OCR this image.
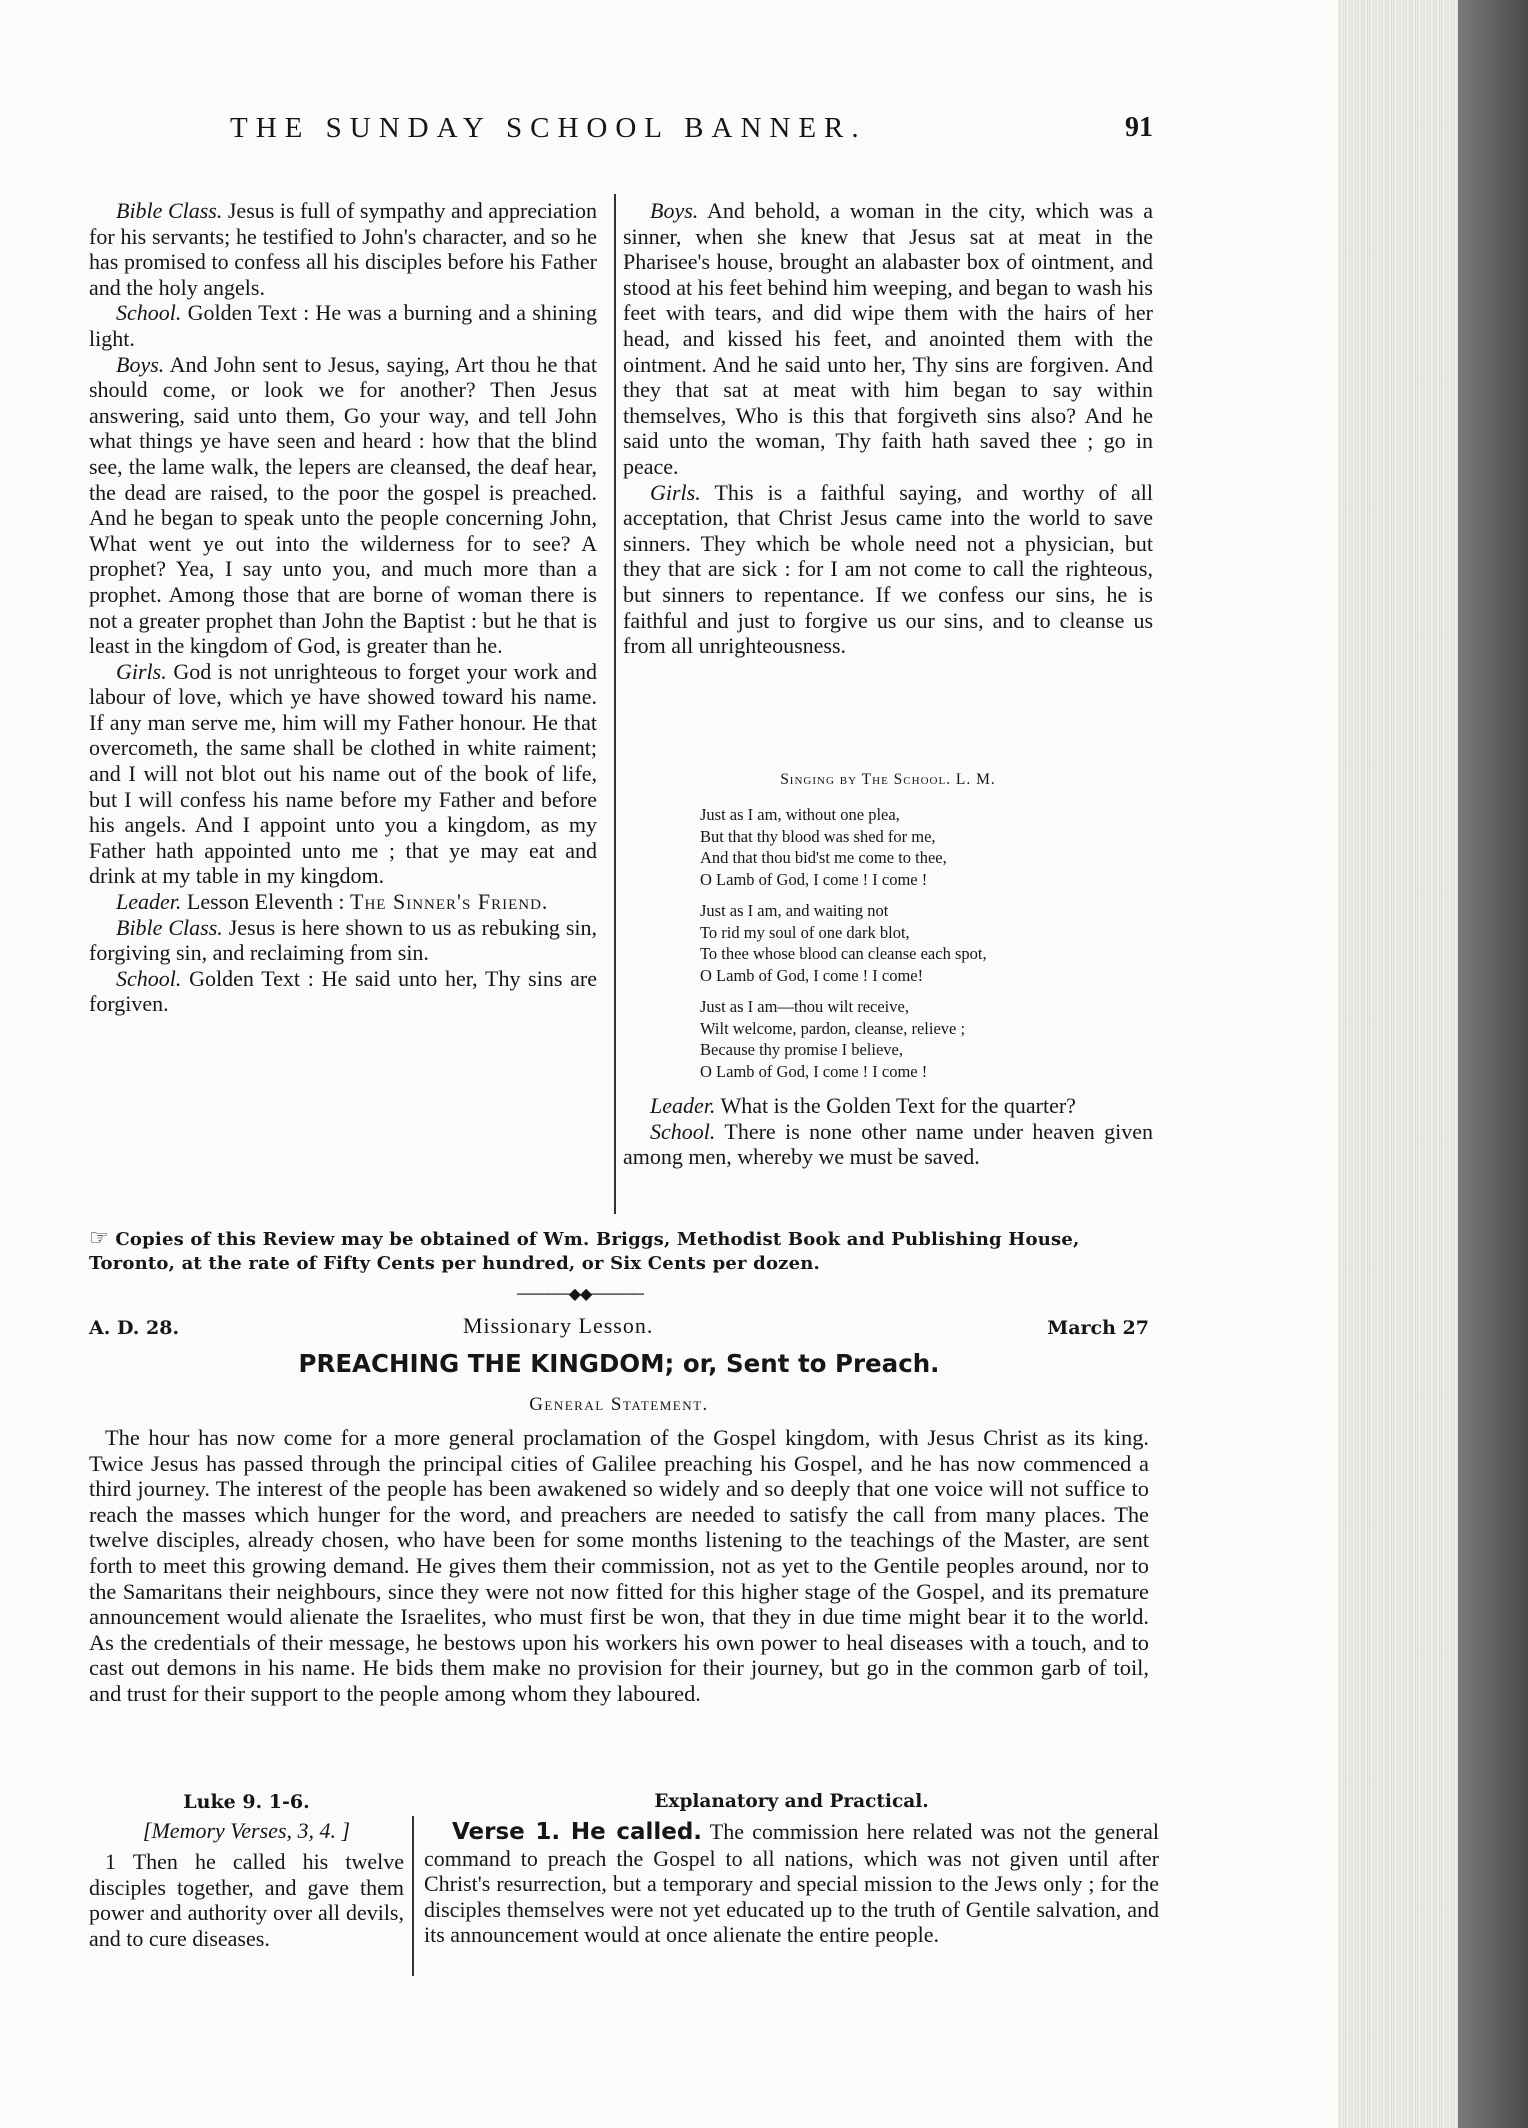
THE SUNDAY SCHOOL BANNER.	91

Bible Class. Jesus is full of sympathy and appreciation for his servants; he testified to John's character, and so he has promised to confess all his disciples before his Father and the holy angels.

School. Golden Text : He was a burning and a shining light.

Boys. And John sent to Jesus, saying, Art thou he that should come, or look we for another? Then Jesus answering, said unto them, Go your way, and tell John what things ye have seen and heard : how that the blind see, the lame walk, the lepers are cleansed, the deaf hear, the dead are raised, to the poor the gospel is preached. And he began to speak unto the people concerning John, What went ye out into the wilderness for to see? A prophet? Yea, I say unto you, and much more than a prophet. Among those that are borne of woman there is not a greater prophet than John the Baptist : but he that is least in the kingdom of God, is greater than he.

Girls. God is not unrighteous to forget your work and labour of love, which ye have showed toward his name. If any man serve me, him will my Father honour. He that overcometh, the same shall be clothed in white raiment; and I will not blot out his name out of the book of life, but I will confess his name before my Father and before his angels. And I appoint unto you a kingdom, as my Father hath appointed unto me ; that ye may eat and drink at my table in my kingdom.

Leader. Lesson Eleventh : The Sinner's Friend.

Bible Class. Jesus is here shown to us as rebuking sin, forgiving sin, and reclaiming from sin.

School. Golden Text : He said unto her, Thy sins are forgiven.

Boys. And behold, a woman in the city, which was a sinner, when she knew that Jesus sat at meat in the Pharisee's house, brought an alabaster box of ointment, and stood at his feet behind him weeping, and began to wash his feet with tears, and did wipe them with the hairs of her head, and kissed his feet, and anointed them with the ointment. And he said unto her, Thy sins are forgiven. And they that sat at meat with him began to say within themselves, Who is this that forgiveth sins also? And he said unto the woman, Thy faith hath saved thee ; go in peace.

Girls. This is a faithful saying, and worthy of all acceptation, that Christ Jesus came into the world to save sinners. They which be whole need not a physician, but they that are sick : for I am not come to call the righteous, but sinners to repentance. If we confess our sins, he is faithful and just to forgive us our sins, and to cleanse us from all unrighteousness.

Singing by The School. L. M.
Just as I am, without one plea,
But that thy blood was shed for me,
And that thou bid'st me come to thee,
O Lamb of God, I come ! I come !
Just as I am, and waiting not
To rid my soul of one dark blot,
To thee whose blood can cleanse each spot,
O Lamb of God, I come ! I come!
Just as I am—thou wilt receive,
Wilt welcome, pardon, cleanse, relieve ;
Because thy promise I believe,
O Lamb of God, I come ! I come !

Leader. What is the Golden Text for the quarter?

School. There is none other name under heaven given among men, whereby we must be saved.

☞ Copies of this Review may be obtained of Wm. Briggs, Methodist Book and Publishing House, Toronto, at the rate of Fifty Cents per hundred, or Six Cents per dozen.
─────◆◆─────
A. D. 28.	Missionary Lesson.	March 27
PREACHING THE KINGDOM; or, Sent to Preach.
General Statement.

The hour has now come for a more general proclamation of the Gospel kingdom, with Jesus Christ as its king. Twice Jesus has passed through the principal cities of Galilee preaching his Gospel, and he has now commenced a third journey. The interest of the people has been awakened so widely and so deeply that one voice will not suffice to reach the masses which hunger for the word, and preachers are needed to satisfy the call from many places. The twelve disciples, already chosen, who have been for some months listening to the teachings of the Master, are sent forth to meet this growing demand. He gives them their commission, not as yet to the Gentile peoples around, nor to the Samaritans their neighbours, since they were not now fitted for this higher stage of the Gospel, and its premature announcement would alienate the Israelites, who must first be won, that they in due time might bear it to the world. As the credentials of their message, he bestows upon his workers his own power to heal diseases with a touch, and to cast out demons in his name. He bids them make no provision for their journey, but go in the common garb of toil, and trust for their support to the people among whom they laboured.

Luke 9. 1-6.
[Memory Verses, 3, 4. ]
1 Then he called his twelve disciples together, and gave them power and authority over all devils, and to cure diseases.
Explanatory and Practical.
Verse 1. He called. The commission here related was not the general command to preach the Gospel to all nations, which was not given until after Christ's resurrection, but a temporary and special mission to the Jews only ; for the disciples themselves were not yet educated up to the truth of Gentile salvation, and its announcement would at once alienate the entire people.
